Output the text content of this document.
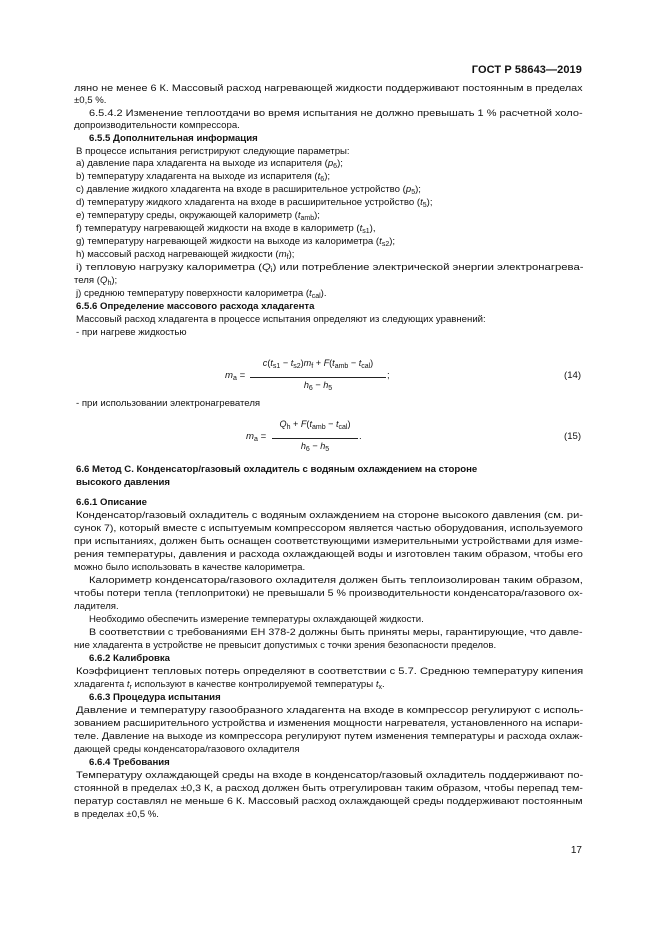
ГОСТ Р 58643—2019
ляно не менее 6 К. Массовый расход нагревающей жидкости поддерживают постоянным в пределах
±0,5 %.
6.5.4.2 Изменение теплоотдачи во время испытания не должно превышать 1 % расчетной холо-
допроизводительности компрессора.
6.5.5 Дополнительная информация
В процессе испытания регистрируют следующие параметры:
a) давление пара хладагента на выходе из испарителя $(p_6)$;
b) температуру хладагента на выходе из испарителя $(t_6)$;
c) давление жидкого хладагента на входе в расширительное устройство $(p_5)$;
d) температуру жидкого хладагента на входе в расширительное устройство $(t_5)$;
e) температуру среды, окружающей калориметр $(t_{amb})$;
f) температуру нагревающей жидкости на входе в калориметр $(t_{s1})$,
g) температуру нагревающей жидкости на выходе из калориметра $(t_{s2})$;
h) массовый расход нагревающей жидкости $(m_f)$;
i) тепловую нагрузку калориметра $(Q_i)$ или потребление электрической энергии электронагрева-
теля $(Q_h)$;
j) среднюю температуру поверхности калориметра $(t_{cal})$.
6.5.6 Определение массового расхода хладагента
Массовый расход хладагента в процессе испытания определяют из следующих уравнений:
- при нагреве жидкостью
- при использовании электронагревателя
6.6 Метод С. Конденсатор/газовый охладитель с водяным охлаждением на стороне
высокого давления
6.6.1 Описание
Конденсатор/газовый охладитель с водяным охлаждением на стороне высокого давления (см. ри-
сунок 7), который вместе с испытуемым компрессором является частью оборудования, используемого
при испытаниях, должен быть оснащен соответствующими измерительными устройствами для изме-
рения температуры, давления и расхода охлаждающей воды и изготовлен таким образом, чтобы его
можно было использовать в качестве калориметра.
Калориметр конденсатора/газового охладителя должен быть теплоизолирован таким образом,
чтобы потери тепла (теплопритоки) не превышали 5 % производительности конденсатора/газового ох-
ладителя.
Необходимо обеспечить измерение температуры охлаждающей жидкости.
В соответствии с требованиями ЕН 378-2 должны быть приняты меры, гарантирующие, что давле-
ние хладагента в устройстве не превысит допустимых с точки зрения безопасности пределов.
6.6.2 Калибровка
Коэффициент тепловых потерь определяют в соответствии с 5.7. Среднюю температуру кипения
хладагента $t_r$ используют в качестве контролируемой температуры $t_x$.
6.6.3 Процедура испытания
Давление и температуру газообразного хладагента на входе в компрессор регулируют с исполь-
зованием расширительного устройства и изменения мощности нагревателя, установленного на испари-
теле. Давление на выходе из компрессора регулируют путем изменения температуры и расхода охлаж-
дающей среды конденсатора/газового охладителя
6.6.4 Требования
Температуру охлаждающей среды на входе в конденсатор/газовый охладитель поддерживают по-
стоянной в пределах ±0,3 К, а расход должен быть отрегулирован таким образом, чтобы перепад тем-
ператур составлял не меньше 6 К. Массовый расход охлаждающей среды поддерживают постоянным
в пределах ±0,5 %.
$m_a$ =
$c(t_{s1} - t_{s2})m_f + F(t_{amb} - t_{cal})$
$h_6 - h_5$
;	(14)
$m_a$ =
$Q_h + F(t_{amb} - t_{cal})$
$h_6 - h_5$
.	(15)
17
